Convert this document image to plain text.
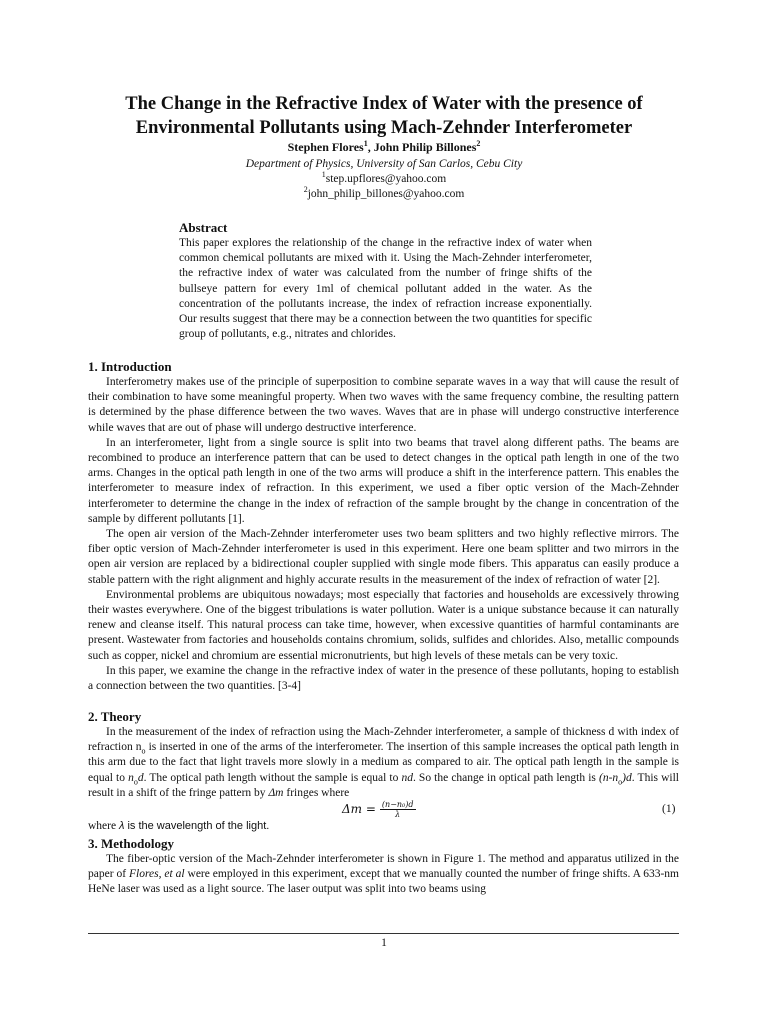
The Change in the Refractive Index of Water with the presence of
Environmental Pollutants using Mach-Zehnder Interferometer
Stephen Flores$^1$, John Philip Billones$^2$
Department of Physics, University of San Carlos, Cebu City
$^1$step.upflores@yahoo.com
$^2$john_philip_billones@yahoo.com
Abstract
This paper explores the relationship of the change in the refractive index of water when common chemical pollutants are mixed with it. Using the Mach-Zehnder interferometer, the refractive index of water was calculated from the number of fringe shifts of the bullseye pattern for every 1ml of chemical pollutant added in the water. As the concentration of the pollutants increase, the index of refraction increase exponentially. Our results suggest that there may be a connection between the two quantities for specific group of pollutants, e.g., nitrates and chlorides.
1. Introduction

Interferometry makes use of the principle of superposition to combine separate waves in a way that will cause the result of their combination to have some meaningful property. When two waves with the same frequency combine, the resulting pattern is determined by the phase difference between the two waves. Waves that are in phase will undergo constructive interference while waves that are out of phase will undergo destructive interference.

In an interferometer, light from a single source is split into two beams that travel along different paths. The beams are recombined to produce an interference pattern that can be used to detect changes in the optical path length in one of the two arms. Changes in the optical path length in one of the two arms will produce a shift in the interference pattern. This enables the interferometer to measure index of refraction. In this experiment, we used a fiber optic version of the Mach-Zehnder interferometer to determine the change in the index of refraction of the sample brought by the change in concentration of the sample by different pollutants [1].

The open air version of the Mach-Zehnder interferometer uses two beam splitters and two highly reflective mirrors. The fiber optic version of Mach-Zehnder interferometer is used in this experiment. Here one beam splitter and two mirrors in the open air version are replaced by a bidirectional coupler supplied with single mode fibers. This apparatus can easily produce a stable pattern with the right alignment and highly accurate results in the measurement of the index of refraction of water [2].

Environmental problems are ubiquitous nowadays; most especially that factories and households are excessively throwing their wastes everywhere. One of the biggest tribulations is water pollution. Water is a unique substance because it can naturally renew and cleanse itself. This natural process can take time, however, when excessive quantities of harmful contaminants are present. Wastewater from factories and households contains chromium, solids, sulfides and chlorides. Also, metallic compounds such as copper, nickel and chromium are essential micronutrients, but high levels of these metals can be very toxic.

In this paper, we examine the change in the refractive index of water in the presence of these pollutants, hoping to establish a connection between the two quantities. [3-4]

2. Theory

In the measurement of the index of refraction using the Mach-Zehnder interferometer, a sample of thickness d with index of refraction $n_o$ is inserted in one of the arms of the interferometer. The insertion of this sample increases the optical path length in this arm due to the fact that light travels more slowly in a medium as compared to air. The optical path length in the sample is equal to $n_od$. The optical path length without the sample is equal to nd. So the change in optical path length is $(n-n_o)d$. This will result in a shift of the fringe pattern by Δm fringes where

$\Delta m = \frac{\text{(n−n₀)d}}{\lambda}$	(1)
where λ is the wavelength of the light.
3. Methodology

The fiber-optic version of the Mach-Zehnder interferometer is shown in Figure 1. The method and apparatus utilized in the paper of Flores, et al were employed in this experiment, except that we manually counted the number of fringe shifts. A 633-nm HeNe laser was used as a light source. The laser output was split into two beams using

1
